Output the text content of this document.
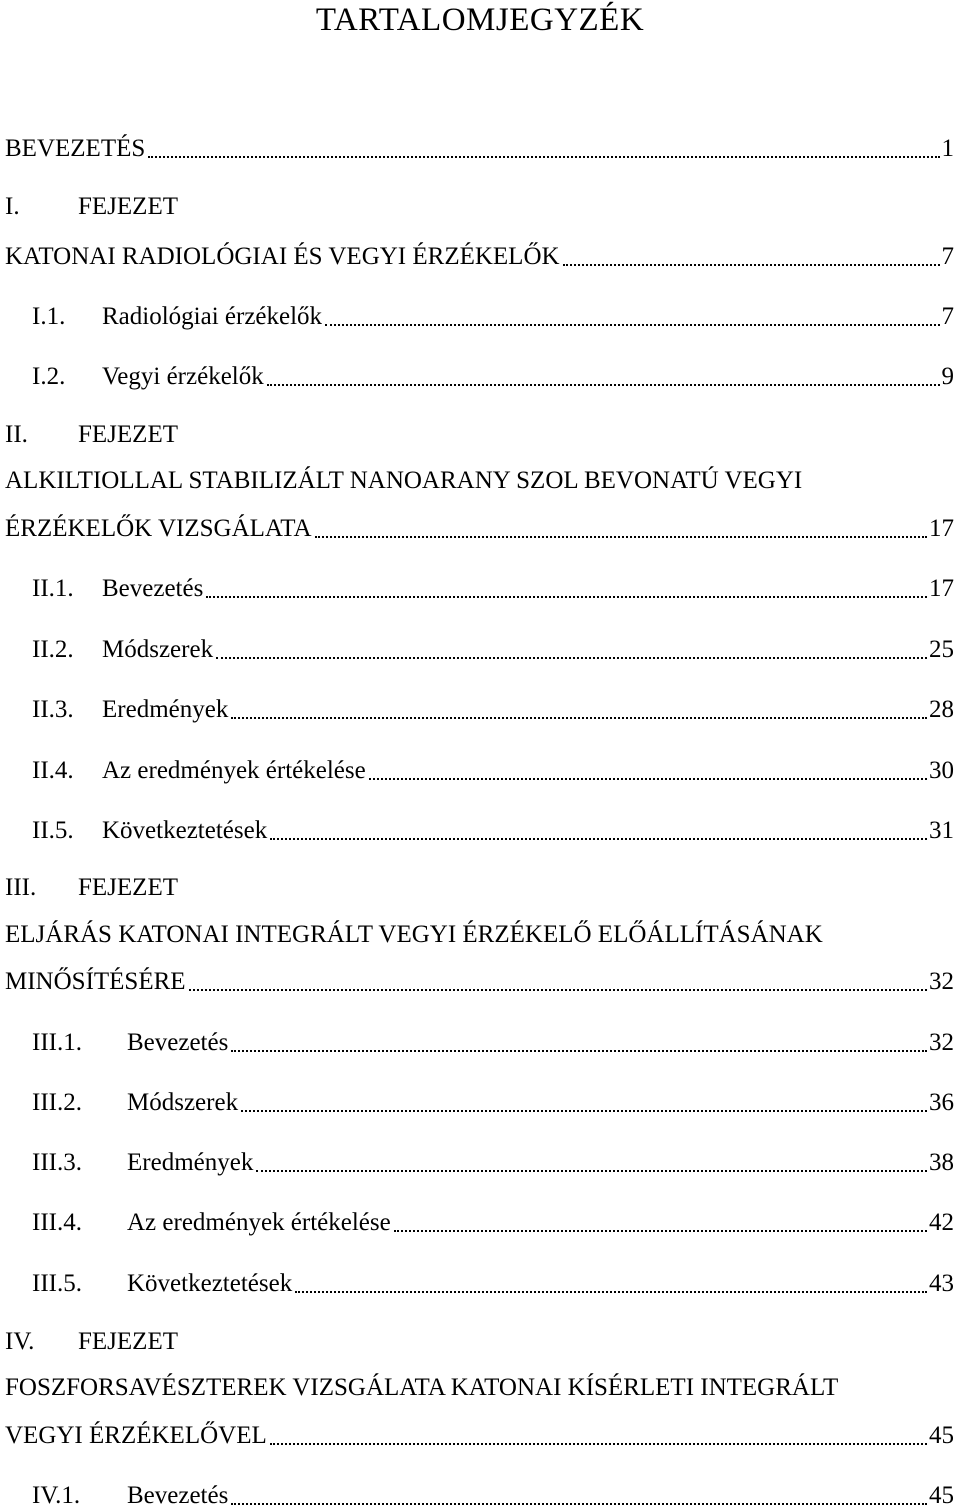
TARTALOMJEGYZÉK
BEVEZETÉS	1
I. FEJEZET
KATONAI RADIOLÓGIAI ÉS VEGYI ÉRZÉKELŐK	7
I.1.	Radiológiai érzékelők	7
I.2.	Vegyi érzékelők	9
II. FEJEZET
ALKILTIOLLAL STABILIZÁLT NANOARANY SZOL BEVONATÚ VEGYI
ÉRZÉKELŐK VIZSGÁLATA	17
II.1.	Bevezetés	17
II.2.	Módszerek	25
II.3.	Eredmények	28
II.4.	Az eredmények értékelése	30
II.5.	Következtetések	31
III. FEJEZET
ELJÁRÁS KATONAI INTEGRÁLT VEGYI ÉRZÉKELŐ ELŐÁLLÍTÁSÁNAK
MINŐSÍTÉSÉRE	32
III.1.	Bevezetés	32
III.2.	Módszerek	36
III.3.	Eredmények	38
III.4.	Az eredmények értékelése	42
III.5.	Következtetések	43
IV. FEJEZET
FOSZFORSAVÉSZTEREK VIZSGÁLATA KATONAI KÍSÉRLETI INTEGRÁLT
VEGYI ÉRZÉKELŐVEL	45
IV.1.	Bevezetés	45
